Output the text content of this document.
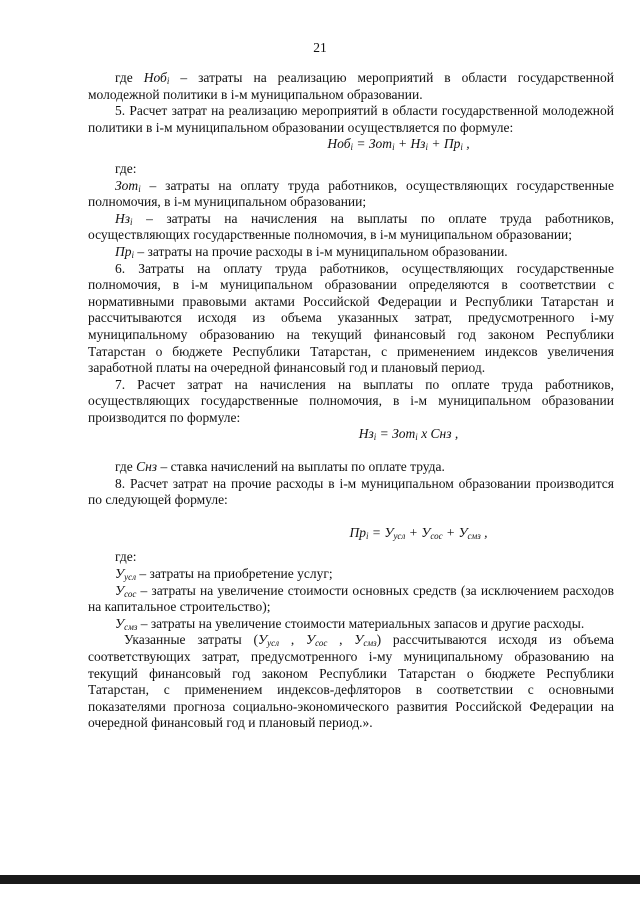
21

где Ноб$_i$ – затраты на реализацию мероприятий в области государственной молодежной политики в i-м муниципальном образовании.

5. Расчет затрат на реализацию мероприятий в области государственной молодежной политики в i-м муниципальном образовании осуществляется по формуле:

$Ноб_i = Зот_i + Нз_i + Пр_i$ ,

где:

Зот$_i$ – затраты на оплату труда работников, осуществляющих государственные полномочия, в i-м муниципальном образовании;

$Нз_i$ – затраты на начисления на выплаты по оплате труда работников, осуществляющих государственные полномочия, в i-м муниципальном образовании;

$Пр_i$ – затраты на прочие расходы в i-м муниципальном образовании.

6. Затраты на оплату труда работников, осуществляющих государственные полномочия, в i-м муниципальном образовании определяются в соответствии с нормативными правовыми актами Российской Федерации и Республики Татарстан и рассчитываются исходя из объема указанных затрат, предусмотренного i-му муниципальному образованию на текущий финансовый год законом Республики Татарстан о бюджете Республики Татарстан, с применением индексов увеличения заработной платы на очередной финансовый год и плановый период.

7. Расчет затрат на начисления на выплаты по оплате труда работников, осуществляющих государственные полномочия, в i-м муниципальном образовании производится по формуле:

$Нз_i = Зот_i$ х Снз ,

где Снз – ставка начислений на выплаты по оплате труда.

8. Расчет затрат на прочие расходы в i-м муниципальном образовании производится по следующей формуле:

$Пр_i = У_{усл} + У_{сос} + У_{смз}$ ,

где:

$У_{усл}$ – затраты на приобретение услуг;

$У_{сос}$ – затраты на увеличение стоимости основных средств (за исключением расходов на капитальное строительство);

$У_{смз}$ – затраты на увеличение стоимости материальных запасов и другие расходы.

Указанные затраты ($У_{усл}$ , $У_{сос}$ , $У_{смз}$) рассчитываются исходя из объема соответствующих затрат, предусмотренного i-му муниципальному образованию на текущий финансовый год законом Республики Татарстан о бюджете Республики Татарстан, с применением индексов-дефляторов в соответствии с основными показателями прогноза социально-экономического развития Российской Федерации на очередной финансовый год и плановый период.».
